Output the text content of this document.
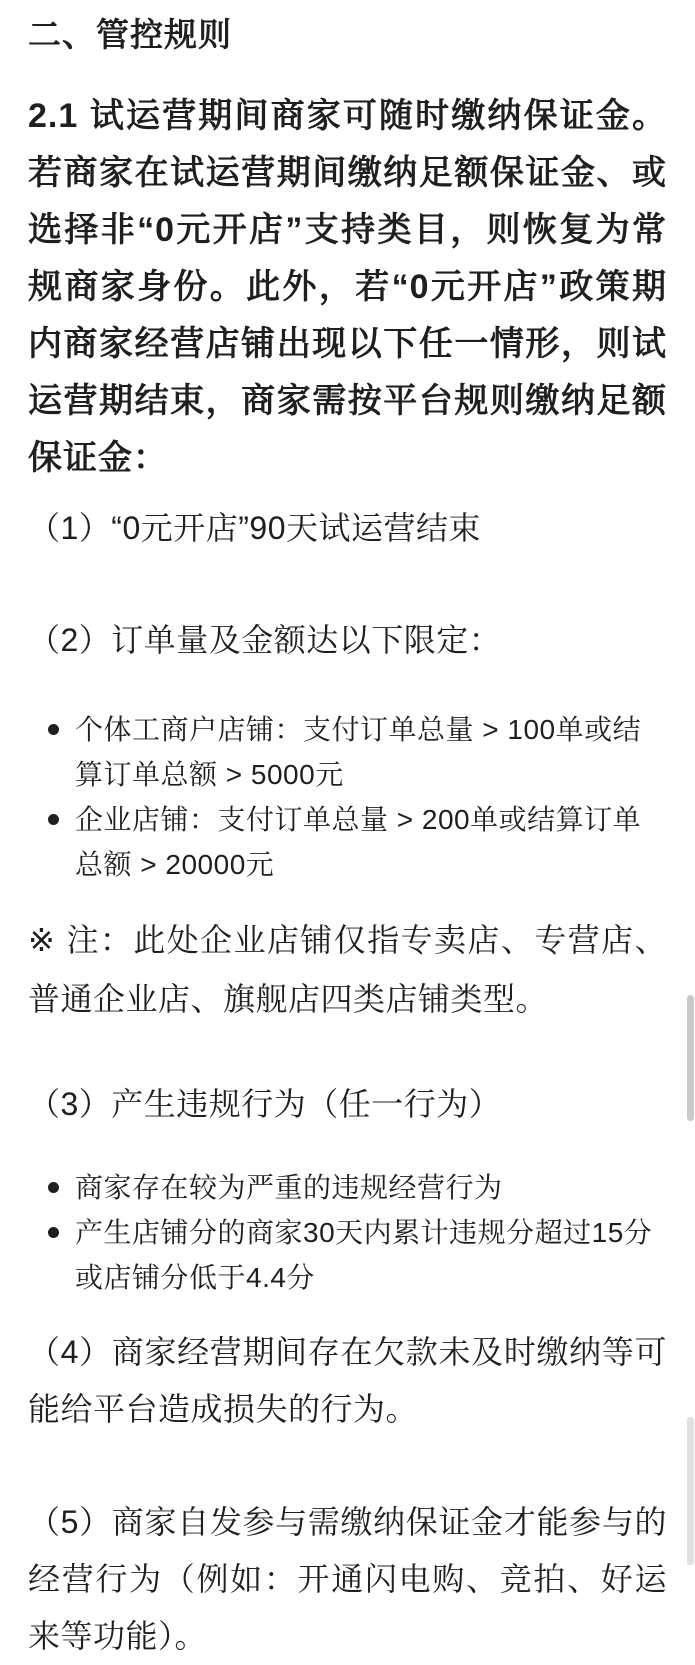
二、管控规则

2.1 试运营期间商家可随时缴纳保证金。若商家在试运营期间缴纳足额保证金、或选择非“0元开店”支持类目，则恢复为常规商家身份。此外，若“0元开店”政策期内商家经营店铺出现以下任一情形，则试运营期结束，商家需按平台规则缴纳足额保证金：

（1）“0元开店”90天试运营结束

（2）订单量及金额达以下限定：

个体工商户店铺：支付订单总量 > 100单或结算订单总额 > 5000元
企业店铺：支付订单总量 > 200单或结算订单总额 > 20000元

※ 注：此处企业店铺仅指专卖店、专营店、普通企业店、旗舰店四类店铺类型。

（3）产生违规行为（任一行为）

商家存在较为严重的违规经营行为
产生店铺分的商家30天内累计违规分超过15分或店铺分低于4.4分

（4）商家经营期间存在欠款未及时缴纳等可能给平台造成损失的行为。

（5）商家自发参与需缴纳保证金才能参与的经营行为（例如：开通闪电购、竞拍、好运来等功能）。
